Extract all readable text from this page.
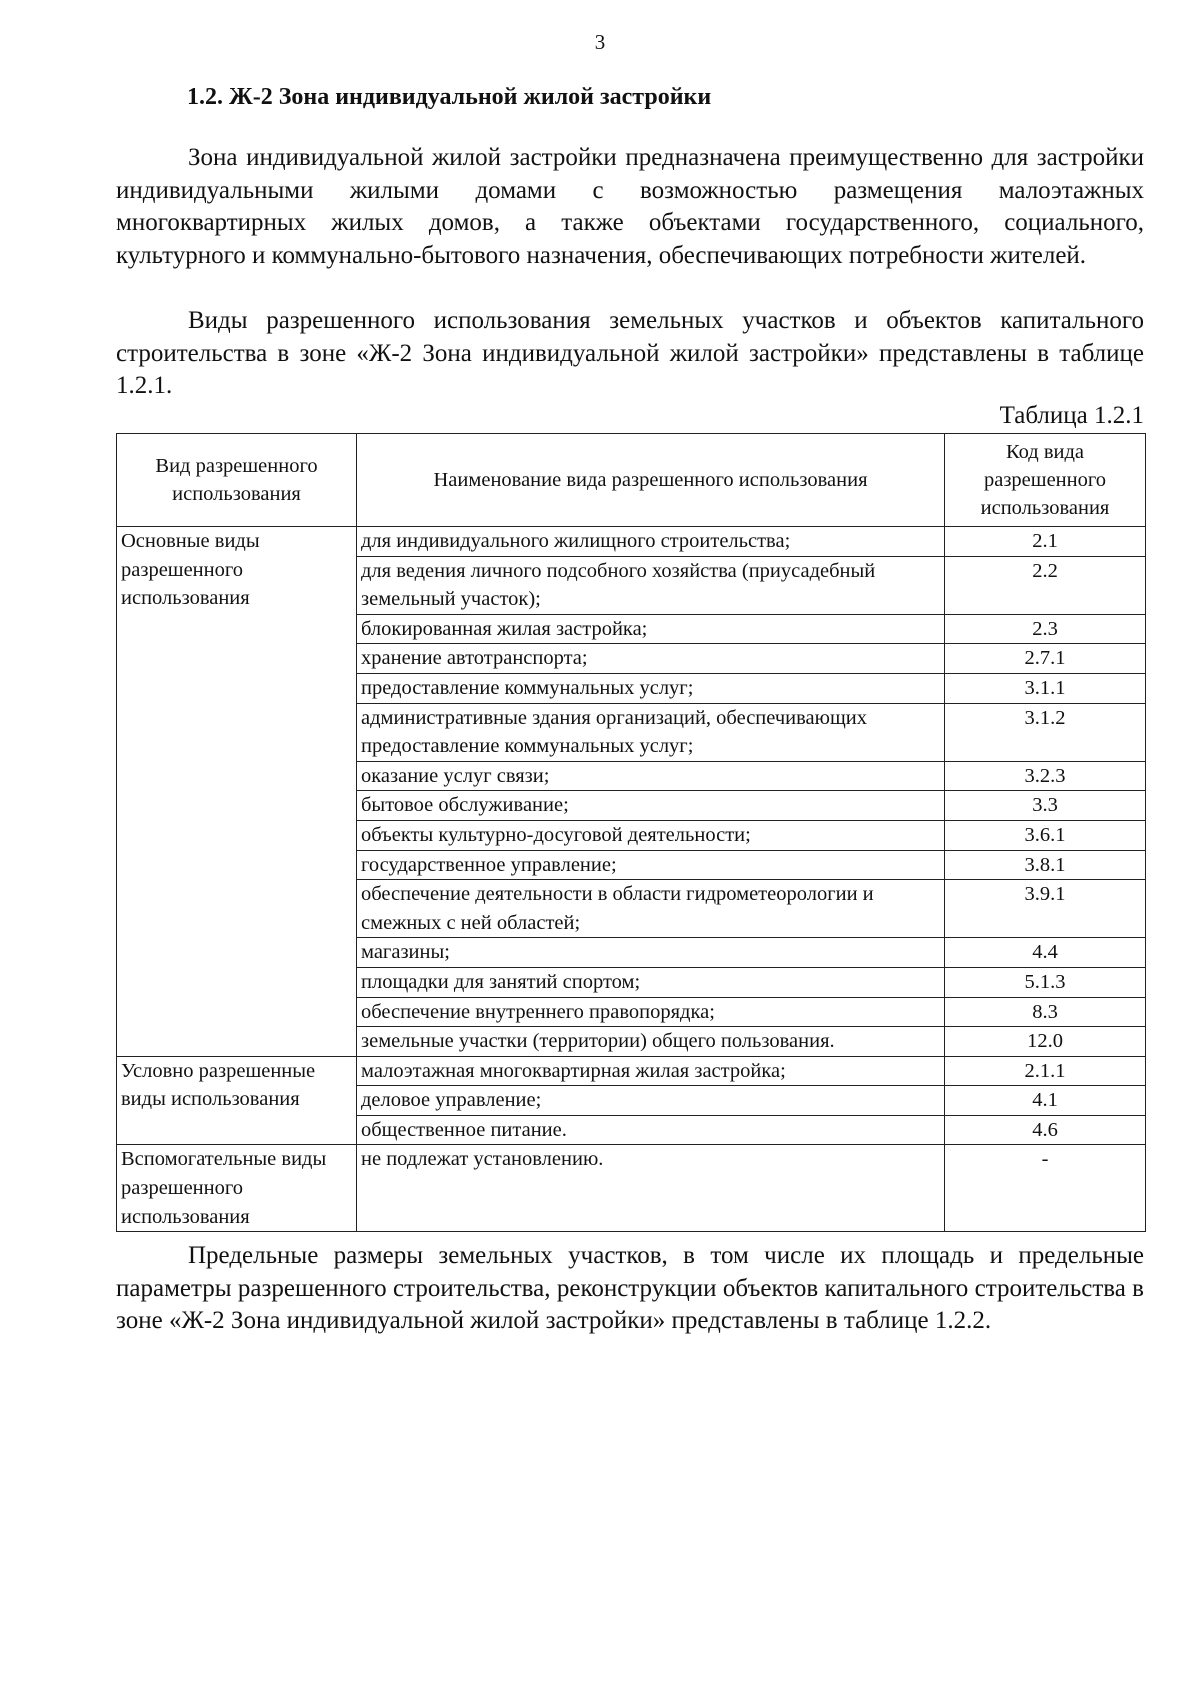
3
1.2. Ж-2 Зона индивидуальной жилой застройки

Зона индивидуальной жилой застройки предназначена преимущественно для застройки индивидуальными жилыми домами с возможностью размещения малоэтажных многоквартирных жилых домов, а также объектами государственного, социального, культурного и коммунально-бытового назначения, обеспечивающих потребности жителей.

Виды разрешенного использования земельных участков и объектов капитального строительства в зоне «Ж-2 Зона индивидуальной жилой застройки» представлены в таблице 1.2.1.

Таблица 1.2.1
Вид разрешенного использования	Наименование вида разрешенного использования	Код вида разрешенного использования
Основные виды разрешенного использования	для индивидуального жилищного строительства;	2.1
	для ведения личного подсобного хозяйства (приусадебный земельный участок);	2.2
	блокированная жилая застройка;	2.3
	хранение автотранспорта;	2.7.1
	предоставление коммунальных услуг;	3.1.1
	административные здания организаций, обеспечивающих предоставление коммунальных услуг;	3.1.2
	оказание услуг связи;	3.2.3
	бытовое обслуживание;	3.3
	объекты культурно-досуговой деятельности;	3.6.1
	государственное управление;	3.8.1
	обеспечение деятельности в области гидрометеорологии и смежных с ней областей;	3.9.1
	магазины;	4.4
	площадки для занятий спортом;	5.1.3
	обеспечение внутреннего правопорядка;	8.3
	земельные участки (территории) общего пользования.	12.0
Условно разрешенные виды использования	малоэтажная многоквартирная жилая застройка;	2.1.1
	деловое управление;	4.1
	общественное питание.	4.6
Вспомогательные виды разрешенного использования	не подлежат установлению.	-

Предельные размеры земельных участков, в том числе их площадь и предельные параметры разрешенного строительства, реконструкции объектов капитального строительства в зоне «Ж-2 Зона индивидуальной жилой застройки» представлены в таблице 1.2.2.
